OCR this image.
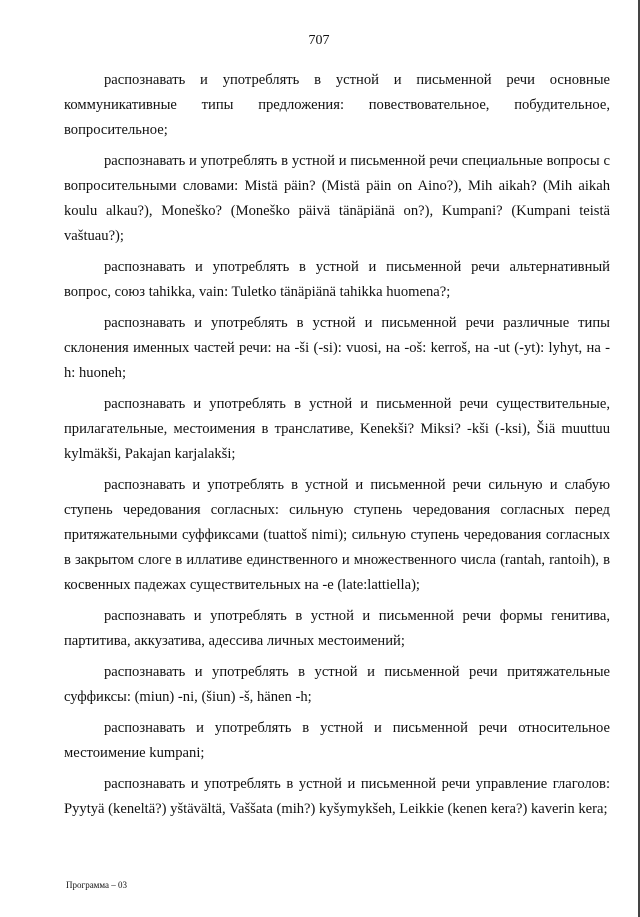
707

распознавать и употреблять в устной и письменной речи основные коммуникативные типы предложения: повествовательное, побудительное, вопросительное;

распознавать и употреблять в устной и письменной речи специальные вопросы с вопросительными словами: Mistä päin? (Mistä päin on Aino?), Mih aikah? (Mih aikah koulu alkau?), Moneško? (Moneško päivä tänäpiänä on?), Kumpani? (Kumpani teistä vaštuau?);

распознавать и употреблять в устной и письменной речи альтернативный вопрос, союз tahikka, vain: Tuletko tänäpiänä tahikka huomena?;

распознавать и употреблять в устной и письменной речи различные типы склонения именных частей речи: на -ši (-si): vuosi, на -oš: kerroš, на -ut (-yt): lyhyt, на -h: huoneh;

распознавать и употреблять в устной и письменной речи существительные, прилагательные, местоимения в транслативе, Kenekši? Miksi? -kši (-ksi), Šiä muuttuu kylmäkši, Pakajan karjalakši;

распознавать и употреблять в устной и письменной речи сильную и слабую ступень чередования согласных: сильную ступень чередования согласных перед притяжательными суффиксами (tuattoš nimi); сильную ступень чередования согласных в закрытом слоге в иллативе единственного и множественного числа (rantah, rantoih), в косвенных падежах существительных на -e (late:lattiella);

распознавать и употреблять в устной и письменной речи формы генитива, партитива, аккузатива, адессива личных местоимений;

распознавать и употреблять в устной и письменной речи притяжательные суффиксы: (miun) -ni, (šiun) -š, hänen -h;

распознавать и употреблять в устной и письменной речи относительное местоимение kumpani;

распознавать и употреблять в устной и письменной речи управление глаголов: Pyytyä (keneltä?) yštävältä, Vaššata (mih?) kyšymykšeh, Leikkie (kenen kera?) kaverin kera;

Программа – 03
